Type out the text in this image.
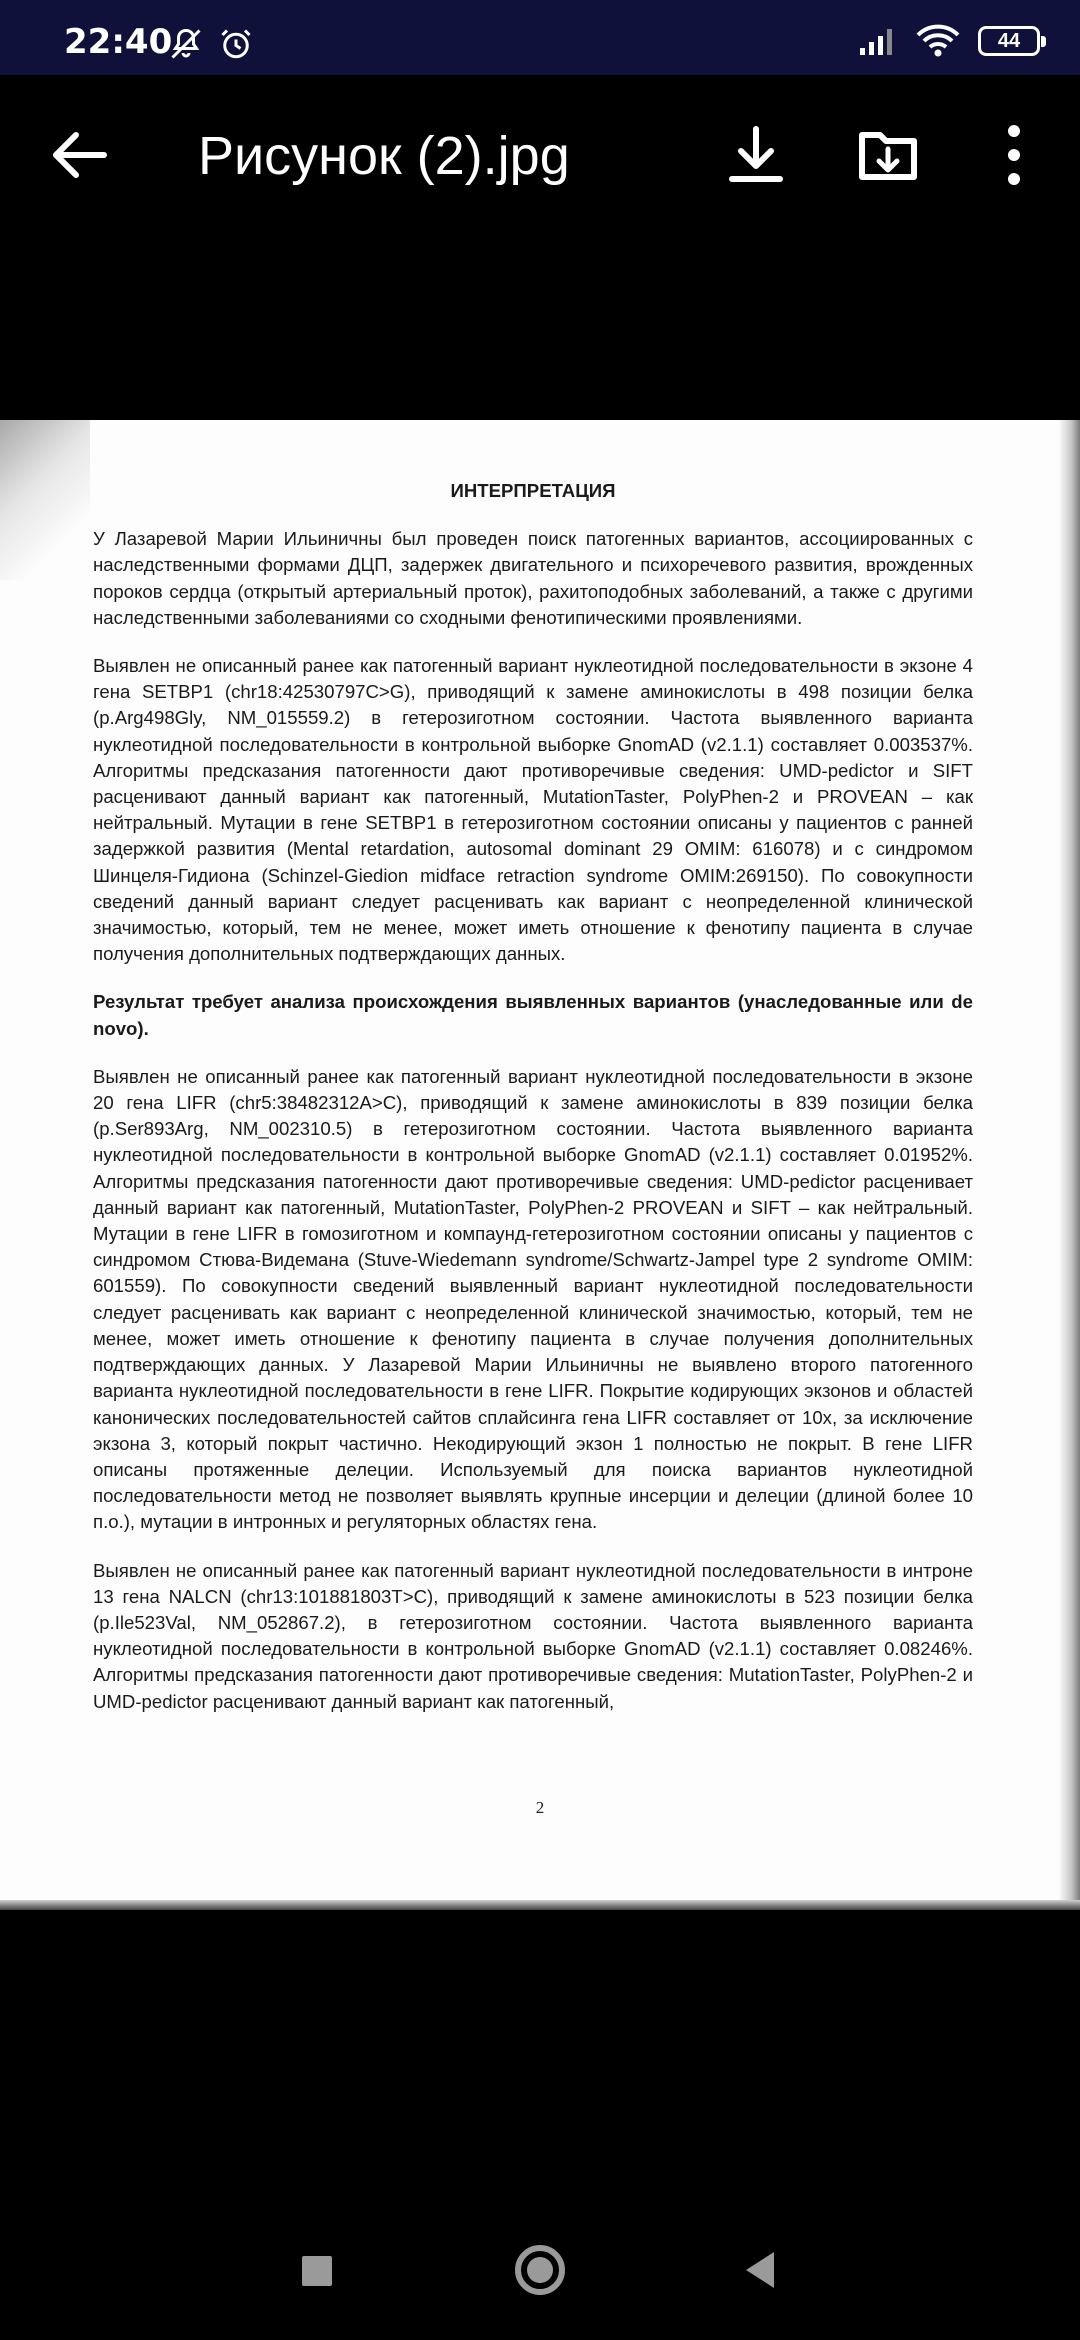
22:40	44
Рисунок (2).jpg
ИНТЕРПРЕТАЦИЯ

У Лазаревой Марии Ильиничны был проведен поиск патогенных вариантов, ассоциированных с наследственными формами ДЦП, задержек двигательного и психоречевого развития, врожденных пороков сердца (открытый артериальный проток), рахитоподобных заболеваний, а также с другими наследственными заболеваниями со сходными фенотипическими проявлениями.

Выявлен не описанный ранее как патогенный вариант нуклеотидной последовательности в экзоне 4 гена SETBP1 (chr18:42530797C>G), приводящий к замене аминокислоты в 498 позиции белка (p.Arg498Gly, NM_015559.2) в гетерозиготном состоянии. Частота выявленного варианта нуклеотидной последовательности в контрольной выборке GnomAD (v2.1.1) составляет 0.003537%. Алгоритмы предсказания патогенности дают противоречивые сведения: UMD-pedictor и SIFT расценивают данный вариант как патогенный, MutationTaster, PolyPhen-2 и PROVEAN – как нейтральный. Мутации в гене SETBP1 в гетерозиготном состоянии описаны у пациентов с ранней задержкой развития (Mental retardation, autosomal dominant 29 OMIM: 616078) и с синдромом Шинцеля-Гидиона (Schinzel-Giedion midface retraction syndrome OMIM:269150). По совокупности сведений данный вариант следует расценивать как вариант с неопределенной клинической значимостью, который, тем не менее, может иметь отношение к фенотипу пациента в случае получения дополнительных подтверждающих данных.

Результат требует анализа происхождения выявленных вариантов (унаследованные или de novo).

Выявлен не описанный ранее как патогенный вариант нуклеотидной последовательности в экзоне 20 гена LIFR (chr5:38482312A>C), приводящий к замене аминокислоты в 839 позиции белка (p.Ser893Arg, NM_002310.5) в гетерозиготном состоянии. Частота выявленного варианта нуклеотидной последовательности в контрольной выборке GnomAD (v2.1.1) составляет 0.01952%. Алгоритмы предсказания патогенности дают противоречивые сведения: UMD-pedictor расценивает данный вариант как патогенный, MutationTaster, PolyPhen-2 PROVEAN и SIFT – как нейтральный. Мутации в гене LIFR в гомозиготном и компаунд-гетерозиготном состоянии описаны у пациентов с синдромом Стюва-Видемана (Stuve-Wiedemann syndrome/Schwartz-Jampel type 2 syndrome OMIM: 601559). По совокупности сведений выявленный вариант нуклеотидной последовательности следует расценивать как вариант с неопределенной клинической значимостью, который, тем не менее, может иметь отношение к фенотипу пациента в случае получения дополнительных подтверждающих данных. У Лазаревой Марии Ильиничны не выявлено второго патогенного варианта нуклеотидной последовательности в гене LIFR. Покрытие кодирующих экзонов и областей канонических последовательностей сайтов сплайсинга гена LIFR составляет от 10х, за исключение экзона 3, который покрыт частично. Некодирующий экзон 1 полностью не покрыт. В гене LIFR описаны протяженные делеции. Используемый для поиска вариантов нуклеотидной последовательности метод не позволяет выявлять крупные инсерции и делеции (длиной более 10 п.о.), мутации в интронных и регуляторных областях гена.

Выявлен не описанный ранее как патогенный вариант нуклеотидной последовательности в интроне 13 гена NALCN (chr13:101881803T>C), приводящий к замене аминокислоты в 523 позиции белка (p.Ile523Val, NM_052867.2), в гетерозиготном состоянии. Частота выявленного варианта нуклеотидной последовательности в контрольной выборке GnomAD (v2.1.1) составляет 0.08246%. Алгоритмы предсказания патогенности дают противоречивые сведения: MutationTaster, PolyPhen-2 и UMD-pedictor расценивают данный вариант как патогенный,

2
